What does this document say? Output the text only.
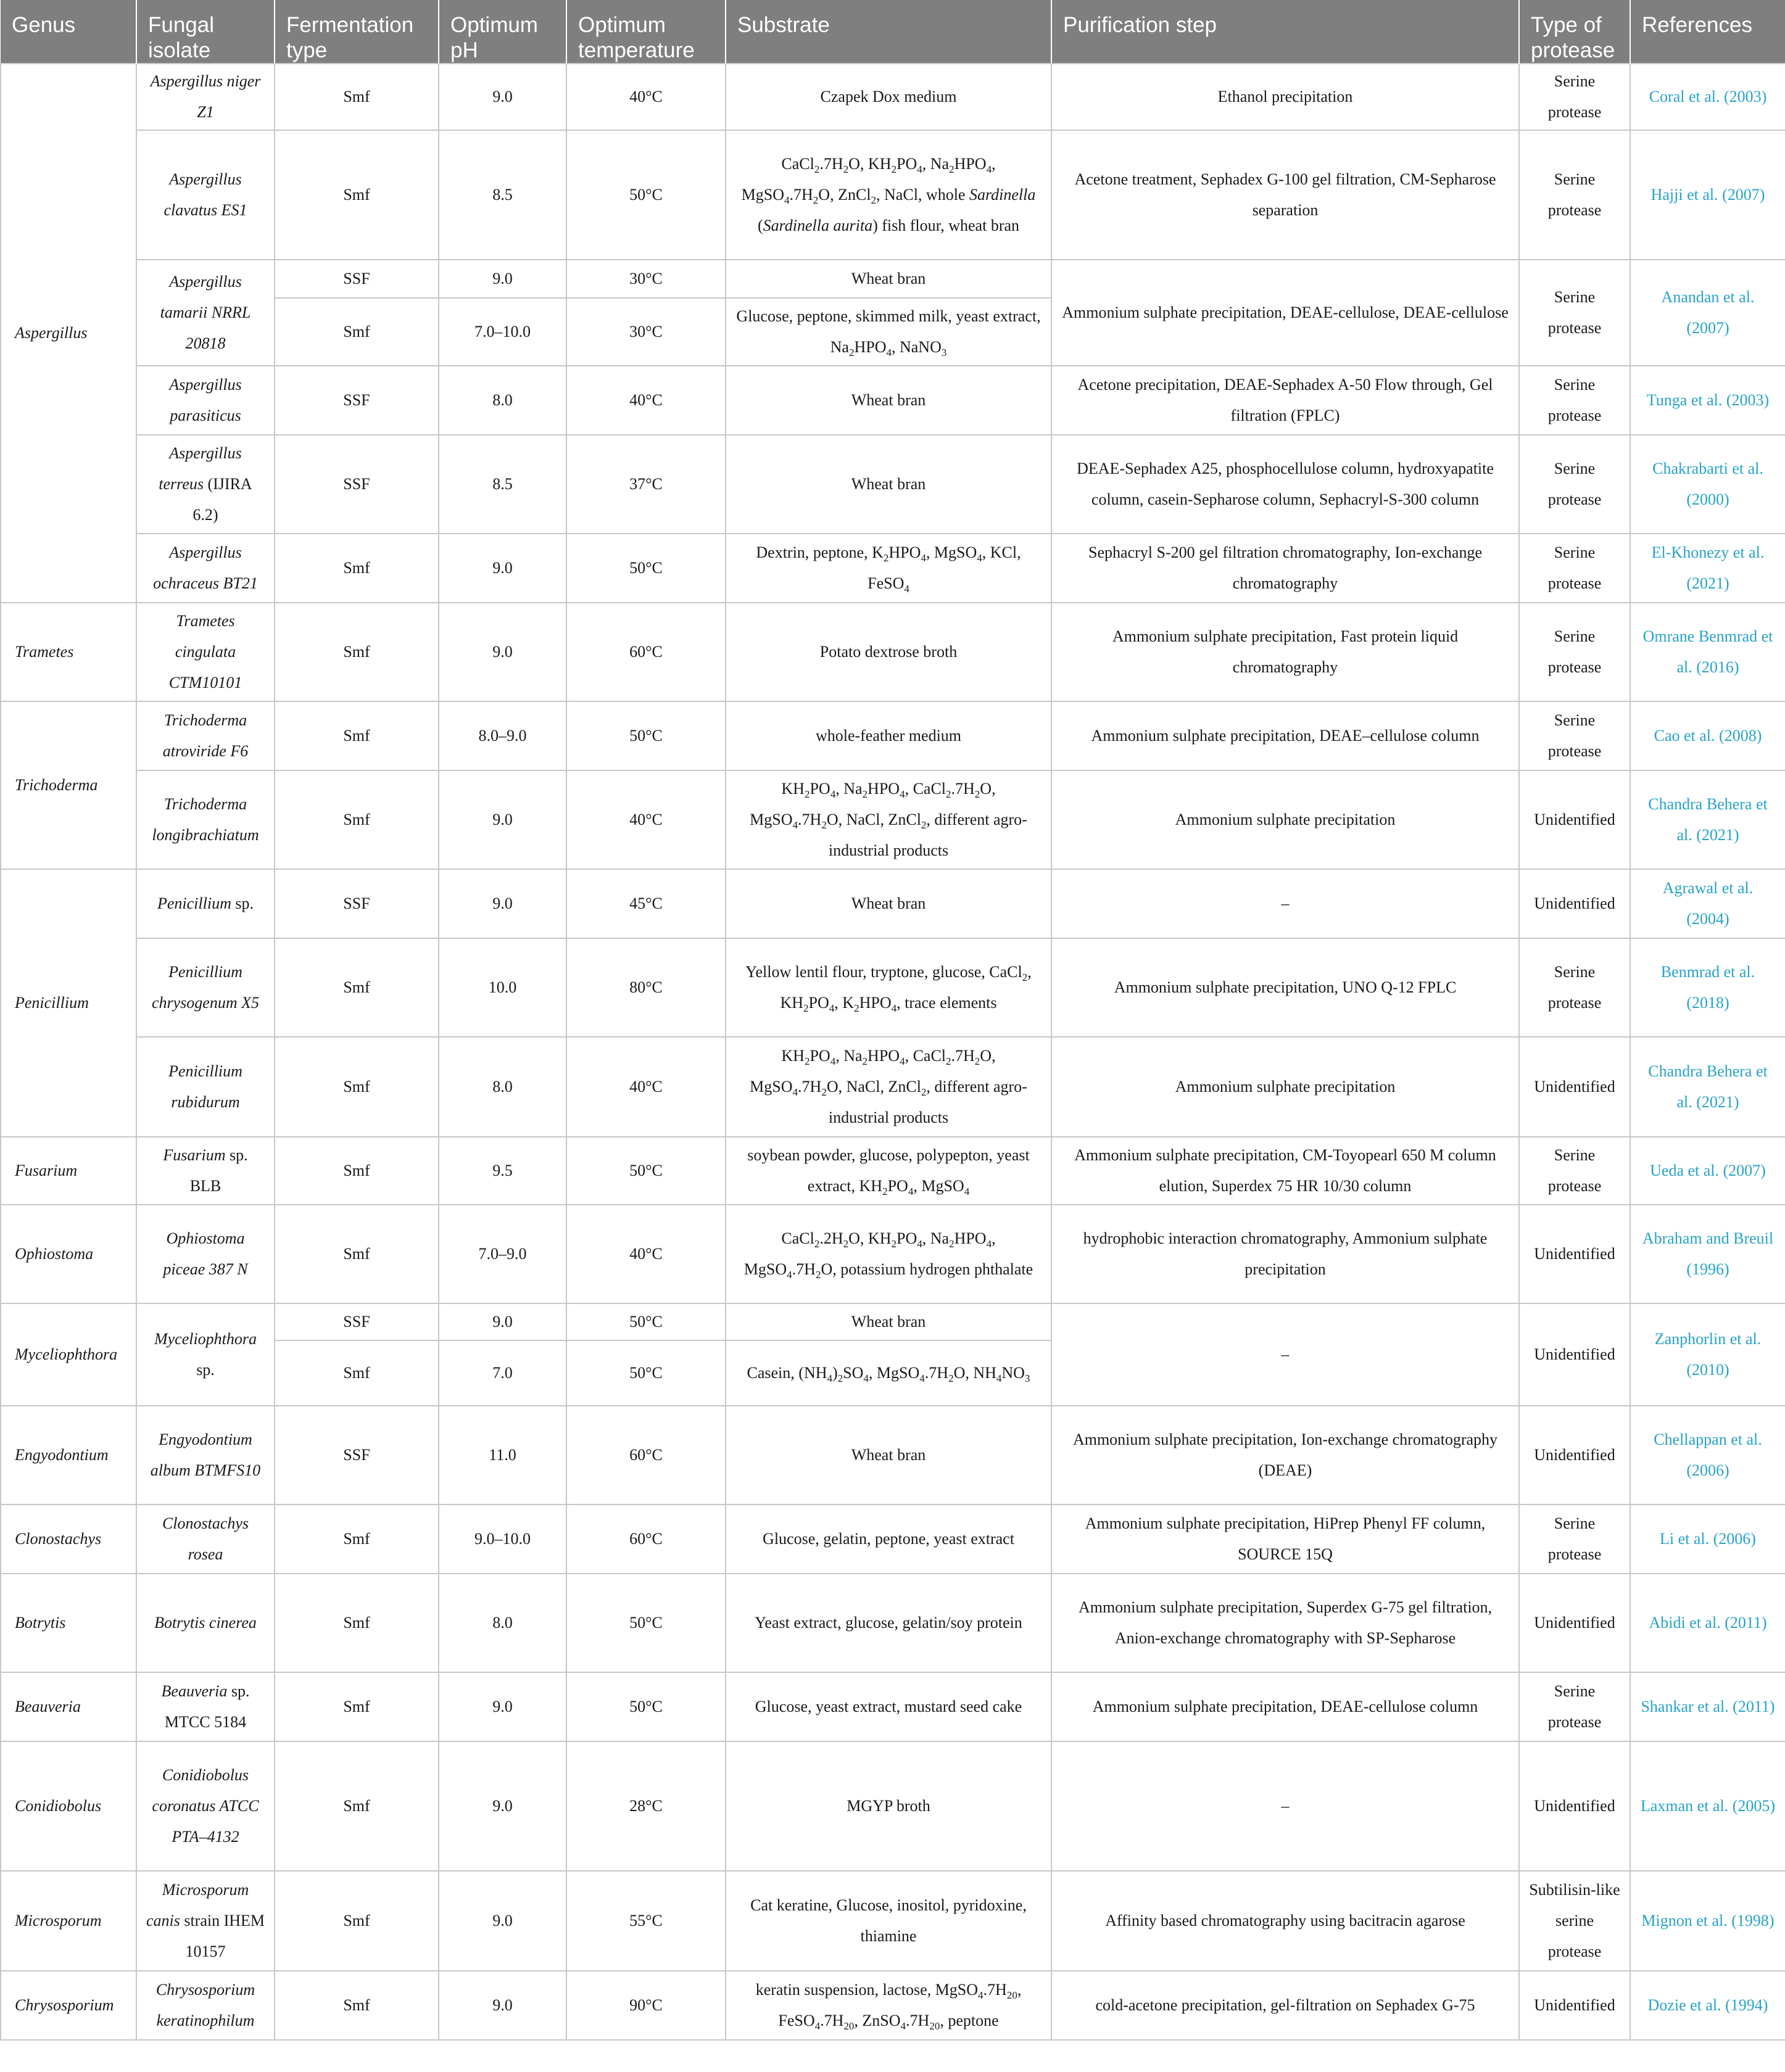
Genus	Fungal isolate	Fermentation type	Optimum pH	Optimum temperature	Substrate	Purification step	Type of protease	References
Aspergillus	Aspergillus niger Z1	Smf	9.0	40°C	Czapek Dox medium	Ethanol precipitation	Serine protease	Coral et al. (2003)
	Aspergillus clavatus ES1	Smf	8.5	50°C	$CaCl_2.7H_2O$, $KH_2PO_4$, $Na_2HPO_4$, $MgSO_4.7H_2O$, ZnCl$_2$, NaCl, whole Sardinella (Sardinella aurita) fish flour, wheat bran	Acetone treatment, Sephadex G-100 gel filtration, CM-Sepharose separation	Serine protease	Hajji et al. (2007)
	Aspergillus tamarii NRRL 20818	SSF	9.0	30°C	Wheat bran	Ammonium sulphate precipitation, DEAE-cellulose, DEAE-cellulose	Serine protease	Anandan et al. (2007)
		Smf	7.0–10.0	30°C	Glucose, peptone, skimmed milk, yeast extract, $Na_2HPO_4$, NaNO$_3$
	Aspergillus parasiticus	SSF	8.0	40°C	Wheat bran	Acetone precipitation, DEAE-Sephadex A-50 Flow through, Gel filtration (FPLC)	Serine protease	Tunga et al. (2003)
	Aspergillus terreus (IJIRA 6.2)	SSF	8.5	37°C	Wheat bran	DEAE-Sephadex A25, phosphocellulose column, hydroxyapatite column, casein-Sepharose column, Sephacryl-S-300 column	Serine protease	Chakrabarti et al. (2000)
	Aspergillus ochraceus BT21	Smf	9.0	50°C	Dextrin, peptone, $K_2HPO_4$, MgSO$_4$, KCl, FeSO$_4$	Sephacryl S-200 gel filtration chromatography, Ion-exchange chromatography	Serine protease	El-Khonezy et al. (2021)
Trametes	Trametes cingulata CTM10101	Smf	9.0	60°C	Potato dextrose broth	Ammonium sulphate precipitation, Fast protein liquid chromatography	Serine protease	Omrane Benmrad et al. (2016)
Trichoderma	Trichoderma atroviride F6	Smf	8.0–9.0	50°C	whole-feather medium	Ammonium sulphate precipitation, DEAE–cellulose column	Serine protease	Cao et al. (2008)
	Trichoderma longibrachiatum	Smf	9.0	40°C	$KH_2PO_4$, $Na_2HPO_4$, $CaCl_2.7H_2O$, $MgSO_4.7H_2O$, NaCl, ZnCl$_2$, different agro-industrial products	Ammonium sulphate precipitation	Unidentified	Chandra Behera et al. (2021)
Penicillium	Penicillium sp.	SSF	9.0	45°C	Wheat bran	–	Unidentified	Agrawal et al. (2004)
	Penicillium chrysogenum X5	Smf	10.0	80°C	Yellow lentil flour, tryptone, glucose, CaCl$_2$, $KH_2PO_4$, $K_2HPO_4$, trace elements	Ammonium sulphate precipitation, UNO Q-12 FPLC	Serine protease	Benmrad et al. (2018)
	Penicillium rubidurum	Smf	8.0	40°C	$KH_2PO_4$, $Na_2HPO_4$, $CaCl_2.7H_2O$, $MgSO_4.7H_2O$, NaCl, ZnCl$_2$, different agro-industrial products	Ammonium sulphate precipitation	Unidentified	Chandra Behera et al. (2021)
Fusarium	Fusarium sp. BLB	Smf	9.5	50°C	soybean powder, glucose, polypepton, yeast extract, $KH_2PO_4$, MgSO$_4$	Ammonium sulphate precipitation, CM-Toyopearl 650 M column elution, Superdex 75 HR 10/30 column	Serine protease	Ueda et al. (2007)
Ophiostoma	Ophiostoma piceae 387 N	Smf	7.0–9.0	40°C	$CaCl_2.2H_2O$, $KH_2PO_4$, $Na_2HPO_4$, $MgSO_4.7H_2O$, potassium hydrogen phthalate	hydrophobic interaction chromatography, Ammonium sulphate precipitation	Unidentified	Abraham and Breuil (1996)
Myceliophthora	Myceliophthora sp.	SSF	9.0	50°C	Wheat bran	–	Unidentified	Zanphorlin et al. (2010)
		Smf	7.0	50°C	Casein, $(NH_4)_2SO_4$, $MgSO_4.7H_2O$, $NH_4NO_3$
Engyodontium	Engyodontium album BTMFS10	SSF	11.0	60°C	Wheat bran	Ammonium sulphate precipitation, Ion-exchange chromatography (DEAE)	Unidentified	Chellappan et al. (2006)
Clonostachys	Clonostachys rosea	Smf	9.0–10.0	60°C	Glucose, gelatin, peptone, yeast extract	Ammonium sulphate precipitation, HiPrep Phenyl FF column, SOURCE 15Q	Serine protease	Li et al. (2006)
Botrytis	Botrytis cinerea	Smf	8.0	50°C	Yeast extract, glucose, gelatin/soy protein	Ammonium sulphate precipitation, Superdex G-75 gel filtration, Anion-exchange chromatography with SP-Sepharose	Unidentified	Abidi et al. (2011)
Beauveria	Beauveria sp. MTCC 5184	Smf	9.0	50°C	Glucose, yeast extract, mustard seed cake	Ammonium sulphate precipitation, DEAE-cellulose column	Serine protease	Shankar et al. (2011)
Conidiobolus	Conidiobolus coronatus ATCC PTA–4132	Smf	9.0	28°C	MGYP broth	–	Unidentified	Laxman et al. (2005)
Microsporum	Microsporum canis strain IHEM 10157	Smf	9.0	55°C	Cat keratine, Glucose, inositol, pyridoxine, thiamine	Affinity based chromatography using bacitracin agarose	Subtilisin-like serine protease	Mignon et al. (1998)
Chrysosporium	Chrysosporium keratinophilum	Smf	9.0	90°C	keratin suspension, lactose, $MgSO_4.7H_{20}$, $FeSO_4.7H_{20}$, $ZnSO_4.7H_{20}$, peptone	cold-acetone precipitation, gel-filtration on Sephadex G-75	Unidentified	Dozie et al. (1994)
